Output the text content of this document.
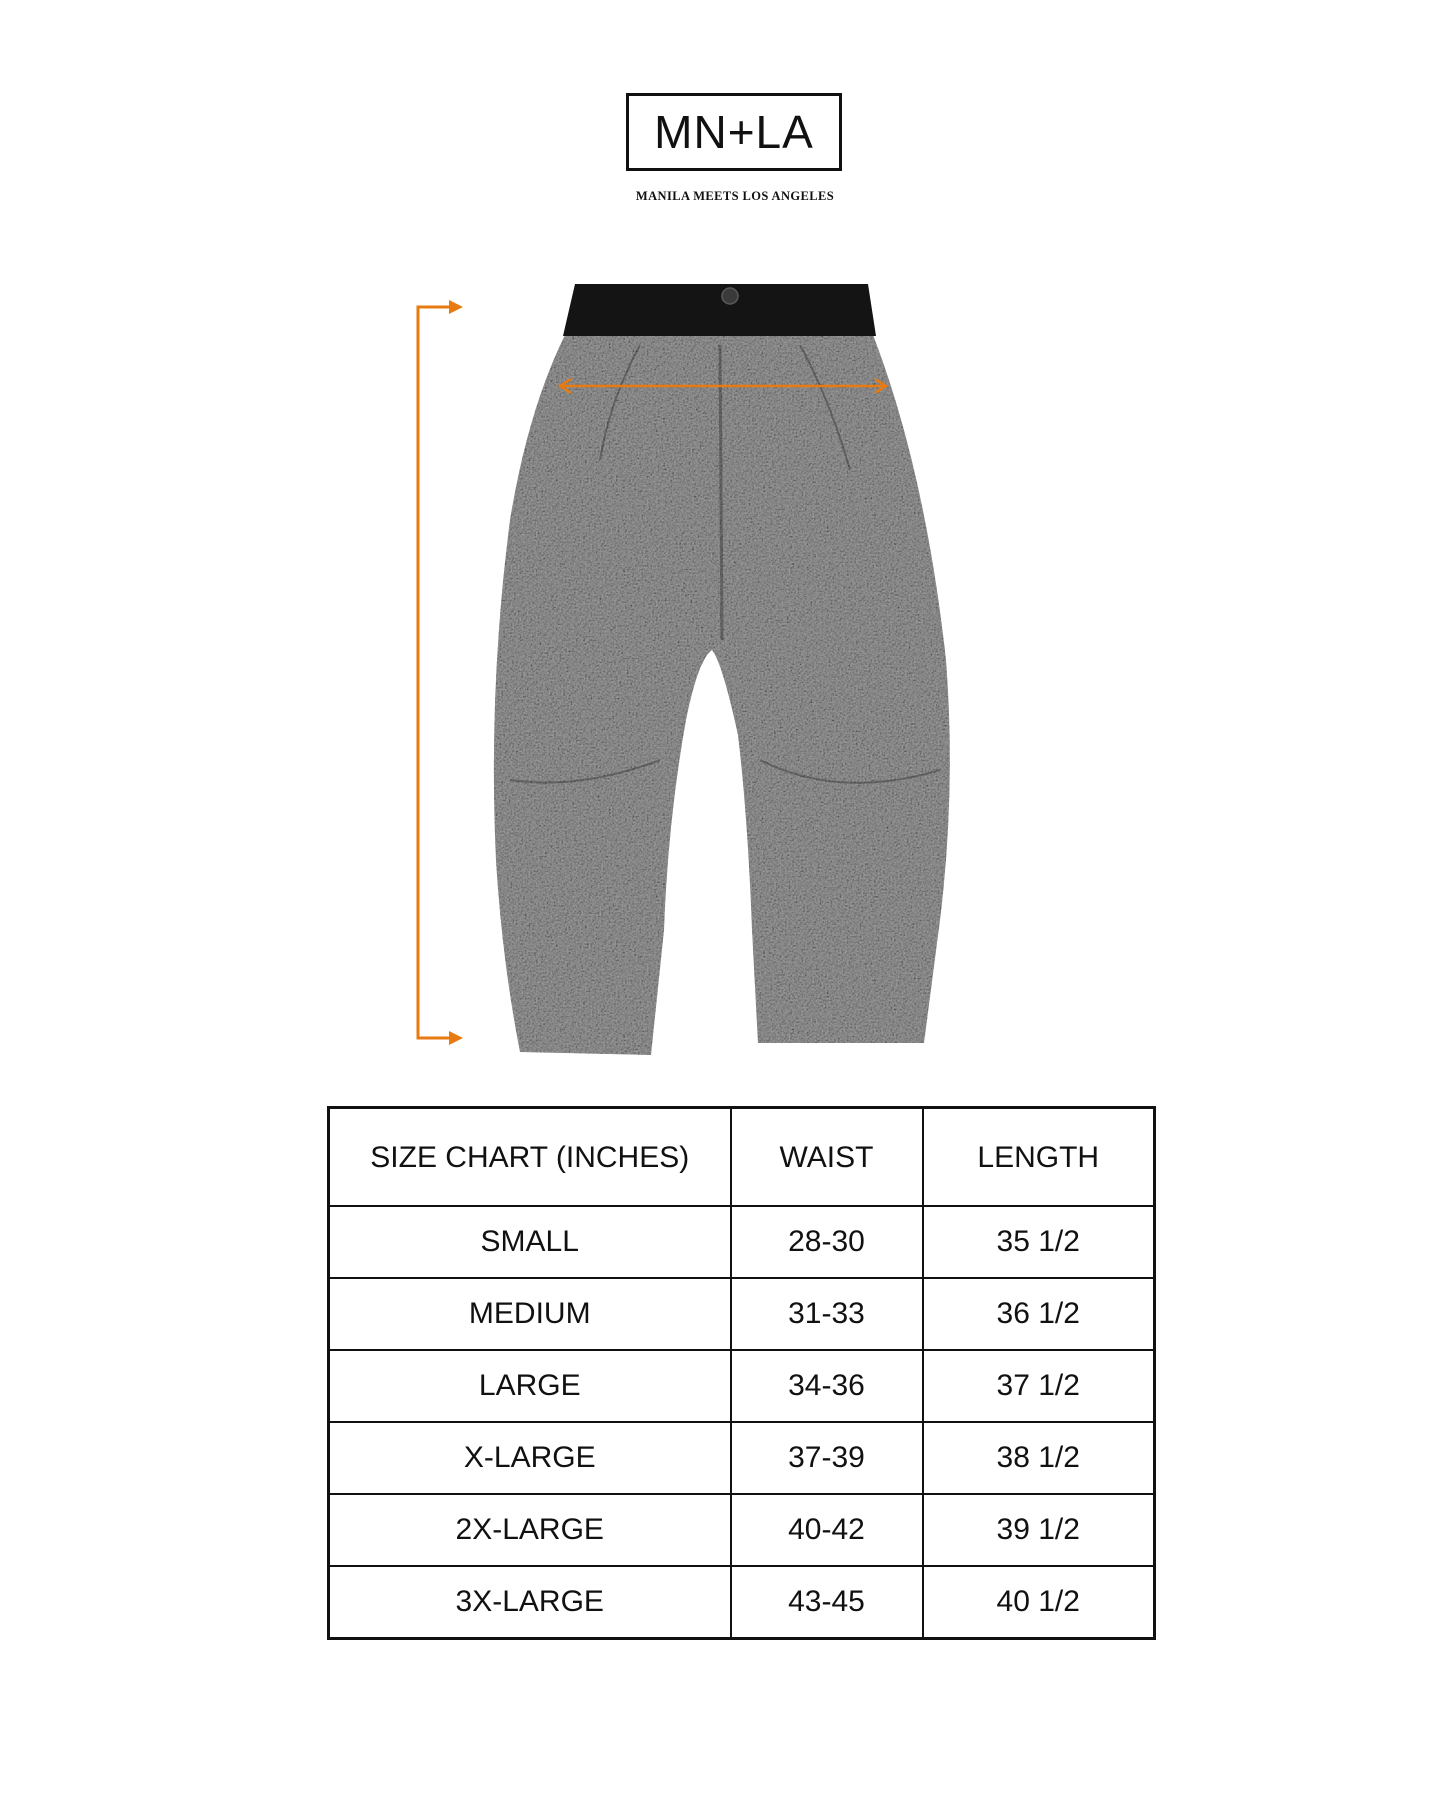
MN+LA
MANILA MEETS LOS ANGELES
SIZE CHART (INCHES)	WAIST	LENGTH
SMALL	28-30	35 1/2
MEDIUM	31-33	36 1/2
LARGE	34-36	37 1/2
X-LARGE	37-39	38 1/2
2X-LARGE	40-42	39 1/2
3X-LARGE	43-45	40 1/2
